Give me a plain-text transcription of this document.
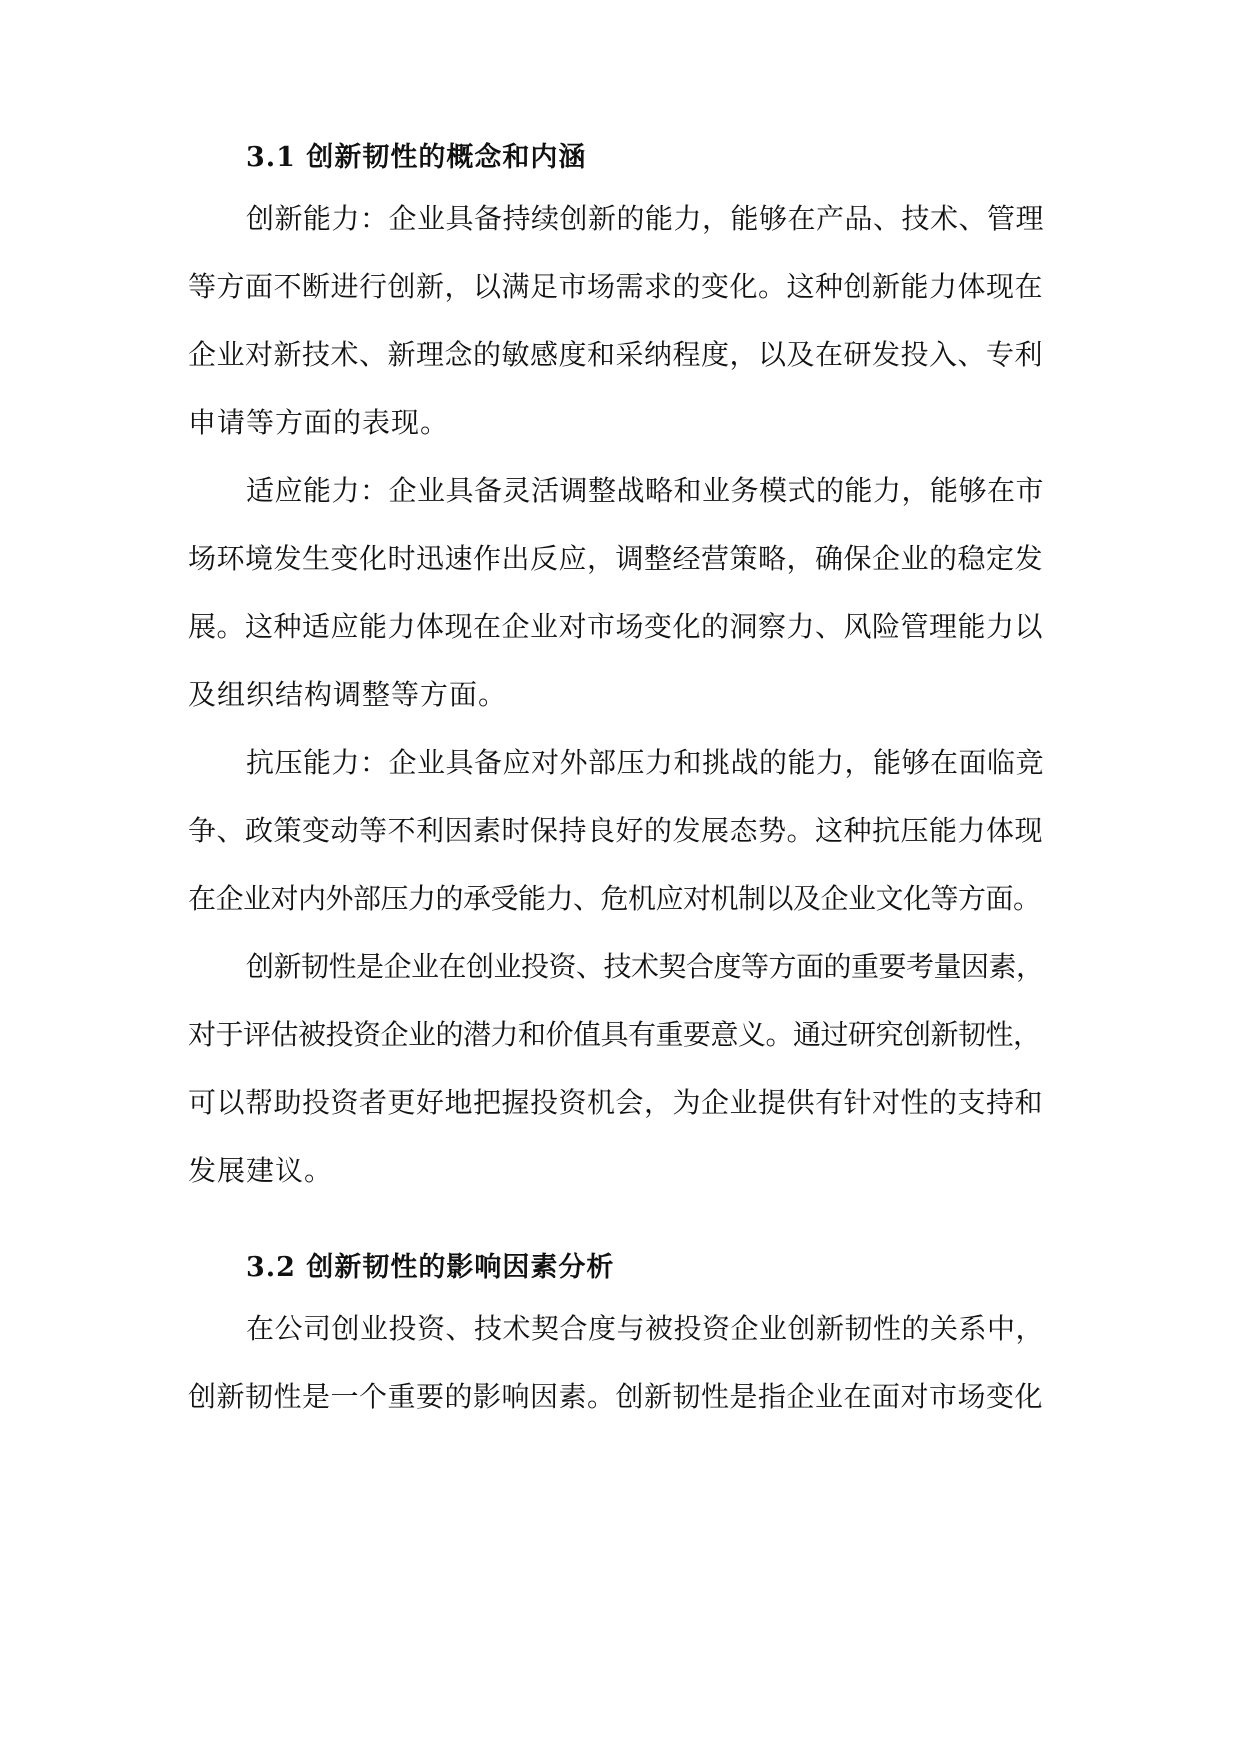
3.1 创新韧性的概念和内涵
创新能力：企业具备持续创新的能力，能够在产品、技术、管理
等方面不断进行创新，以满足市场需求的变化。这种创新能力体现在
企业对新技术、新理念的敏感度和采纳程度，以及在研发投入、专利
申请等方面的表现。
适应能力：企业具备灵活调整战略和业务模式的能力，能够在市
场环境发生变化时迅速作出反应，调整经营策略，确保企业的稳定发
展。这种适应能力体现在企业对市场变化的洞察力、风险管理能力以
及组织结构调整等方面。
抗压能力：企业具备应对外部压力和挑战的能力，能够在面临竞
争、政策变动等不利因素时保持良好的发展态势。这种抗压能力体现
在企业对内外部压力的承受能力、危机应对机制以及企业文化等方面。
创新韧性是企业在创业投资、技术契合度等方面的重要考量因素，
对于评估被投资企业的潜力和价值具有重要意义。通过研究创新韧性，
可以帮助投资者更好地把握投资机会，为企业提供有针对性的支持和
发展建议。
3.2 创新韧性的影响因素分析
在公司创业投资、技术契合度与被投资企业创新韧性的关系中，
创新韧性是一个重要的影响因素。创新韧性是指企业在面对市场变化
